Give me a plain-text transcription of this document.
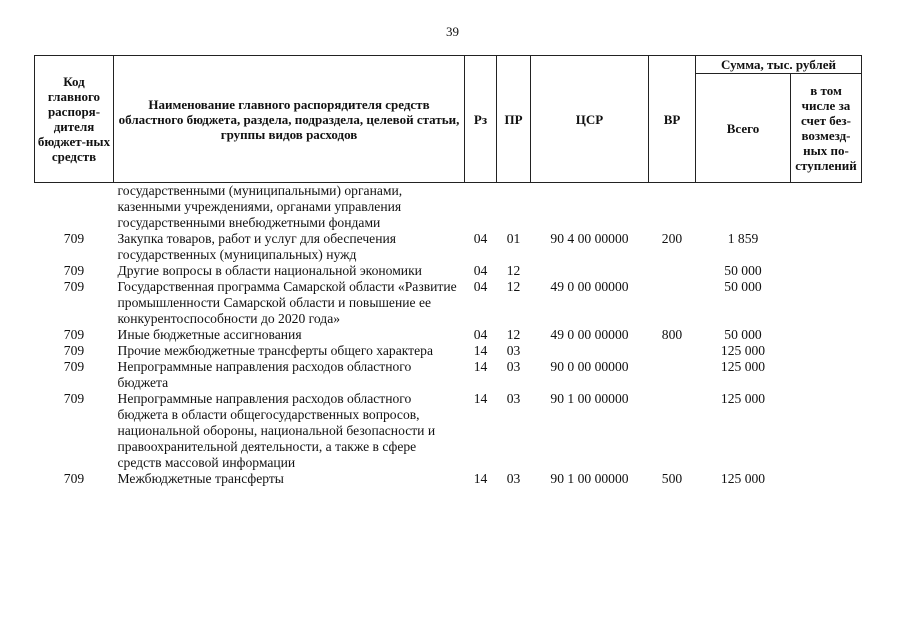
39
Код главного распоря-дителя бюджет-ных средств	Наименование главного распорядителя средств областного бюджета, раздела, подраздела, целевой статьи, группы видов расходов	Рз	ПР	ЦСР	ВР	Сумма, тыс. рублей	
						Всего	в том числе за счет без-возмезд-ных по-ступлений
	государственными (муниципальными) органами, казенными учреждениями, органами управления государственными внебюджетными фондами						
709	Закупка товаров, работ и услуг для обеспечения государственных (муниципальных) нужд	04	01	90 4 00 00000	200	1 859	
709	Другие вопросы в области национальной экономики	04	12			50 000	
709	Государственная программа Самарской области «Развитие промышленности Самарской области и повышение ее конкурентоспособности до 2020 года»	04	12	49 0 00 00000		50 000	
709	Иные бюджетные ассигнования	04	12	49 0 00 00000	800	50 000	
709	Прочие межбюджетные трансферты общего характера	14	03			125 000	
709	Непрограммные направления расходов областного бюджета	14	03	90 0 00 00000		125 000	
709	Непрограммные направления расходов областного бюджета в области общегосударственных вопросов, национальной обороны, национальной безопасности и правоохранительной деятельности, а также в сфере средств массовой информации	14	03	90 1 00 00000		125 000	
709	Межбюджетные трансферты	14	03	90 1 00 00000	500	125 000	
